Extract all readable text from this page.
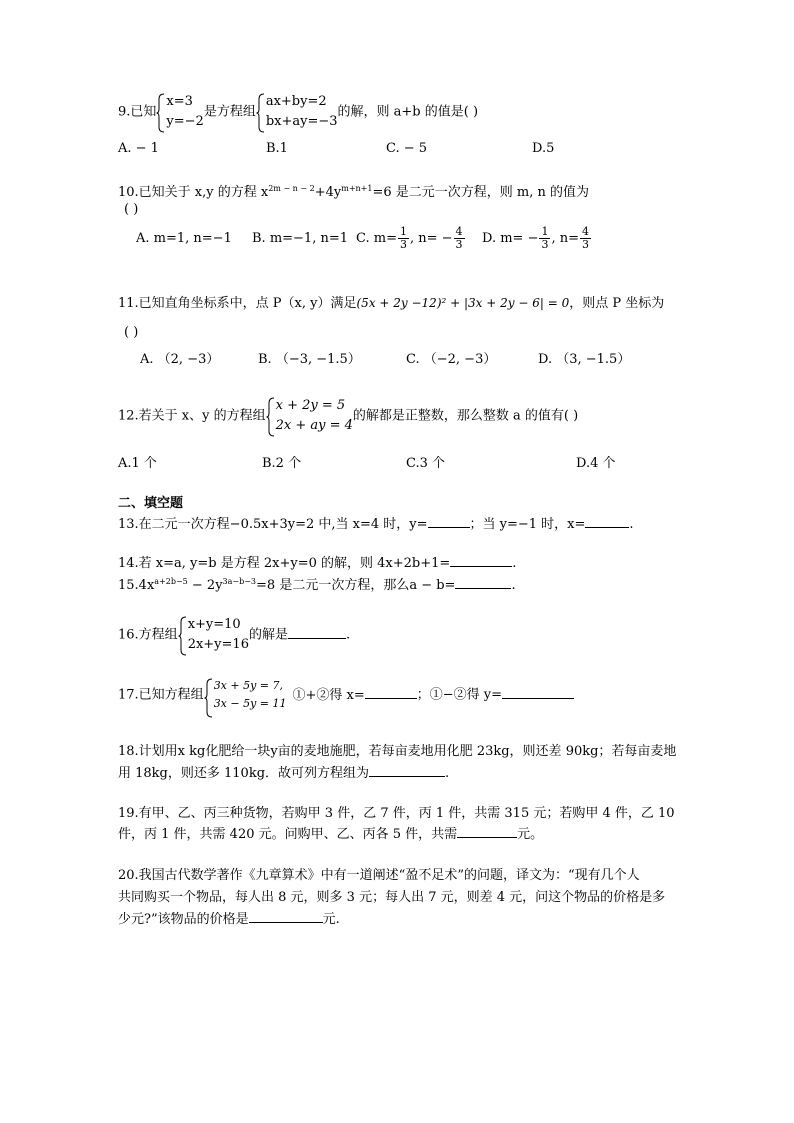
9.已知
x=3
y=−2
是方程组
ax+by=2
bx+ay=−3
的解，则 a+b 的值是( )
A. − 1	B.1	C. − 5	D.5
10.已知关于 x,y 的方程 $x^{2m - n - 2}+4y^{m+n+1}=6$ 是二元一次方程，则 m, n 的值为
( )
A. m=1, n=−1 B. m=−1, n=1 C. $m= \frac{1}{3}$ , $n= - \frac{4}{3} D$. $m= - \frac{1}{3}$ , $n= \frac{4}{3}$
11.已知直角坐标系中，点 P（x, y）满足(5x + 2y −12)² + |3x + 2y − 6| = 0，则点 P 坐标为
( )
A. （2, −3）	B. （−3, −1.5）	C. （−2, −3）	D. （3, −1.5）
12.若关于 x、y 的方程组
x + 2y = 5
2x + ay = 4
的解都是正整数，那么整数 a 的值有( )
A.1 个	B.2 个	C.3 个	D.4 个
二、填空题
13.在二元一次方程−0.5x+3y=2 中,当 x=4 时，y=	；当 y=−1 时，x=	.
14.若 x=a, y=b 是方程 2x+y=0 的解，则 4x+2b+1=	.
$15.4x^{a+2b-5} - 2y^{3a-b-3}=8$ 是二元一次方程，那么a − b=	.
16.方程组
x+y=10
2x+y=16
的解是	.
17.已知方程组
3x + 5y = 7,
3x − 5y = 11
①+②得 x=	；①−②得 y=
18.计划用x kg化肥给一块y亩的麦地施肥，若每亩麦地用化肥 23kg，则还差 90kg；若每亩麦地
用 18kg，则还多 110kg．故可列方程组为	.
19.有甲、乙、丙三种货物，若购甲 3 件，乙 7 件，丙 1 件，共需 315 元；若购甲 4 件，乙 10
件，丙 1 件，共需 420 元。问购甲、乙、丙各 5 件，共需	元。
20.我国古代数学著作《九章算术》中有一道阐述“盈不足术”的问题，译文为：“现有几个人
共同购买一个物品，每人出 8 元，则多 3 元；每人出 7 元，则差 4 元，问这个物品的价格是多
少元?”该物品的价格是	元.
